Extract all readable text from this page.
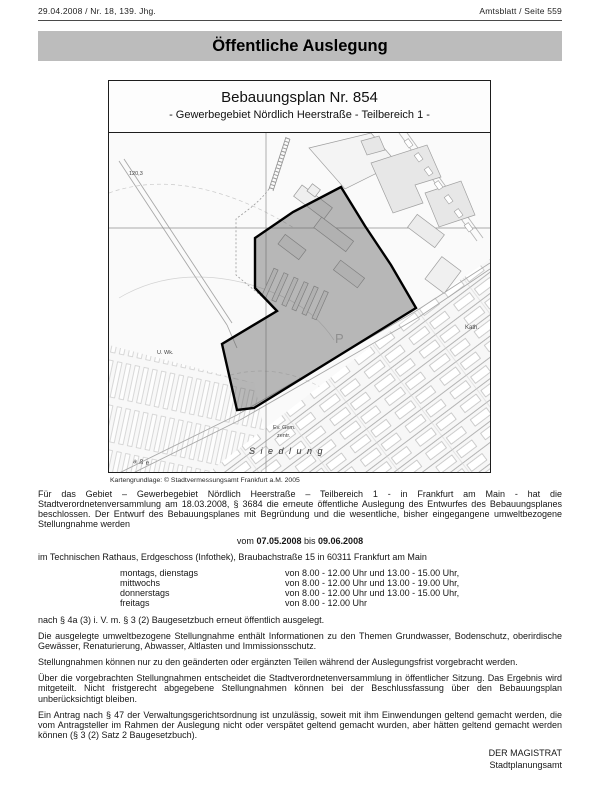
29.04.2008 / Nr. 18, 139. Jhg.	Amtsblatt / Seite 559
Öffentliche Auslegung
Bebauungsplan Nr. 854
- Gewerbegebiet Nördlich Heerstraße - Teilbereich 1 -
120,3
U. Wk.
Ev. Gem.
zentr.
Kath.
aße
P
Siedlung
Kartengrundlage: © Stadtvermessungsamt Frankfurt a.M. 2005

Für das Gebiet – Gewerbegebiet Nördlich Heerstraße – Teilbereich 1 - in Frankfurt am Main - hat die Stadtverordnetenversammlung am 18.03.2008, § 3684 die erneute öffentliche Auslegung des Entwurfes des Bebauungsplanes beschlossen. Der Entwurf des Bebauungsplanes mit Begründung und die wesentliche, bisher eingegangene umweltbezogene Stellungnahme werden

vom 07.05.2008 bis 09.06.2008

im Technischen Rathaus, Erdgeschoss (Infothek), Braubachstraße 15 in 60311 Frankfurt am Main

montags, dienstags	von 8.00 - 12.00 Uhr und 13.00 - 15.00 Uhr,
mittwochs	von 8.00 - 12.00 Uhr und 13.00 - 19.00 Uhr,
donnerstags	von 8.00 - 12.00 Uhr und 13.00 - 15.00 Uhr,
freitags	von 8.00 - 12.00 Uhr

nach § 4a (3) i. V. m. § 3 (2) Baugesetzbuch erneut öffentlich ausgelegt.

Die ausgelegte umweltbezogene Stellungnahme enthält Informationen zu den Themen Grundwasser, Bodenschutz, oberirdische Gewässer, Renaturierung, Abwasser, Altlasten und Immissionsschutz.

Stellungnahmen können nur zu den geänderten oder ergänzten Teilen während der Auslegungsfrist vorgebracht werden.

Über die vorgebrachten Stellungnahmen entscheidet die Stadtverordnetenversammlung in öffentlicher Sitzung. Das Ergebnis wird mitgeteilt. Nicht fristgerecht abgegebene Stellungnahmen können bei der Beschlussfassung über den Bebauungsplan unberücksichtigt bleiben.

Ein Antrag nach § 47 der Verwaltungsgerichtsordnung ist unzulässig, soweit mit ihm Einwendungen geltend gemacht werden, die vom Antragsteller im Rahmen der Auslegung nicht oder verspätet geltend gemacht wurden, aber hätten geltend gemacht werden können (§ 3 (2) Satz 2 Baugesetzbuch).

DER MAGISTRAT
Stadtplanungsamt
